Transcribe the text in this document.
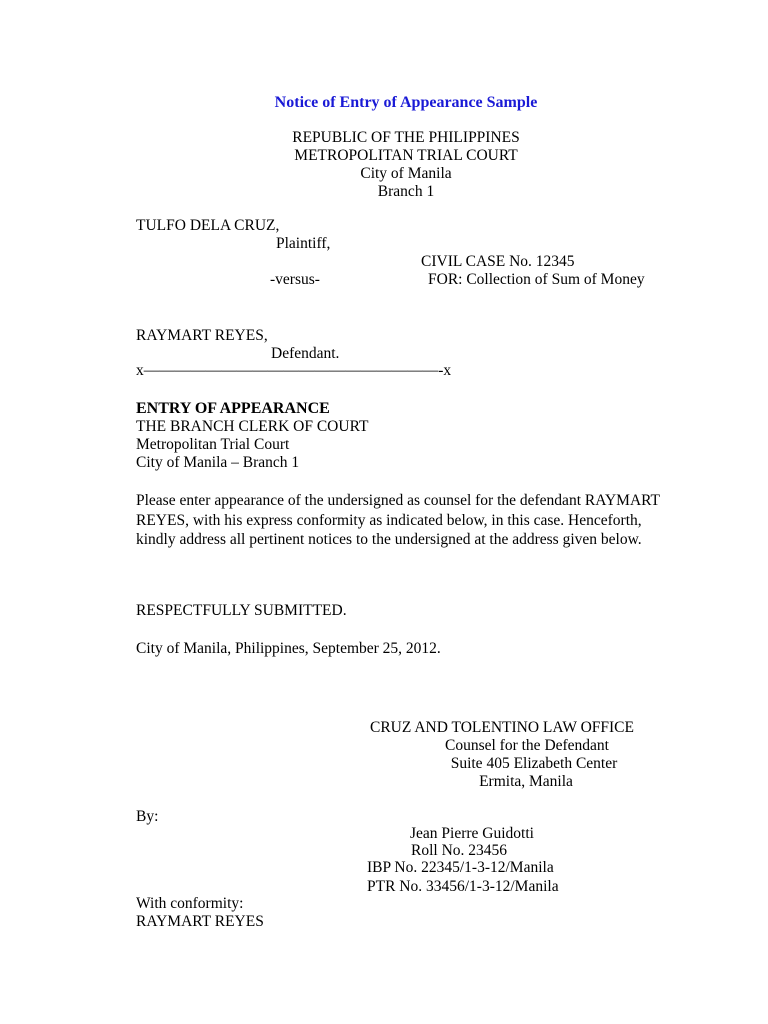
Notice of Entry of Appearance Sample
REPUBLIC OF THE PHILIPPINES
METROPOLITAN TRIAL COURT
City of Manila
Branch 1
TULFO DELA CRUZ,
Plaintiff,
CIVIL CASE No. 12345
-versus-	FOR: Collection of Sum of Money
RAYMART REYES,
Defendant.
x———————————————————-x
ENTRY OF APPEARANCE
THE BRANCH CLERK OF COURT
Metropolitan Trial Court
City of Manila – Branch 1
Please enter appearance of the undersigned as counsel for the defendant RAYMART REYES, with his express conformity as indicated below, in this case. Henceforth, kindly address all pertinent notices to the undersigned at the address given below.
RESPECTFULLY SUBMITTED.
City of Manila, Philippines, September 25, 2012.
CRUZ AND TOLENTINO LAW OFFICE
Counsel for the Defendant
Suite 405 Elizabeth Center
Ermita, Manila
By:
Jean Pierre Guidotti
Roll No. 23456
IBP No. 22345/1-3-12/Manila
PTR No. 33456/1-3-12/Manila
With conformity:
RAYMART REYES
